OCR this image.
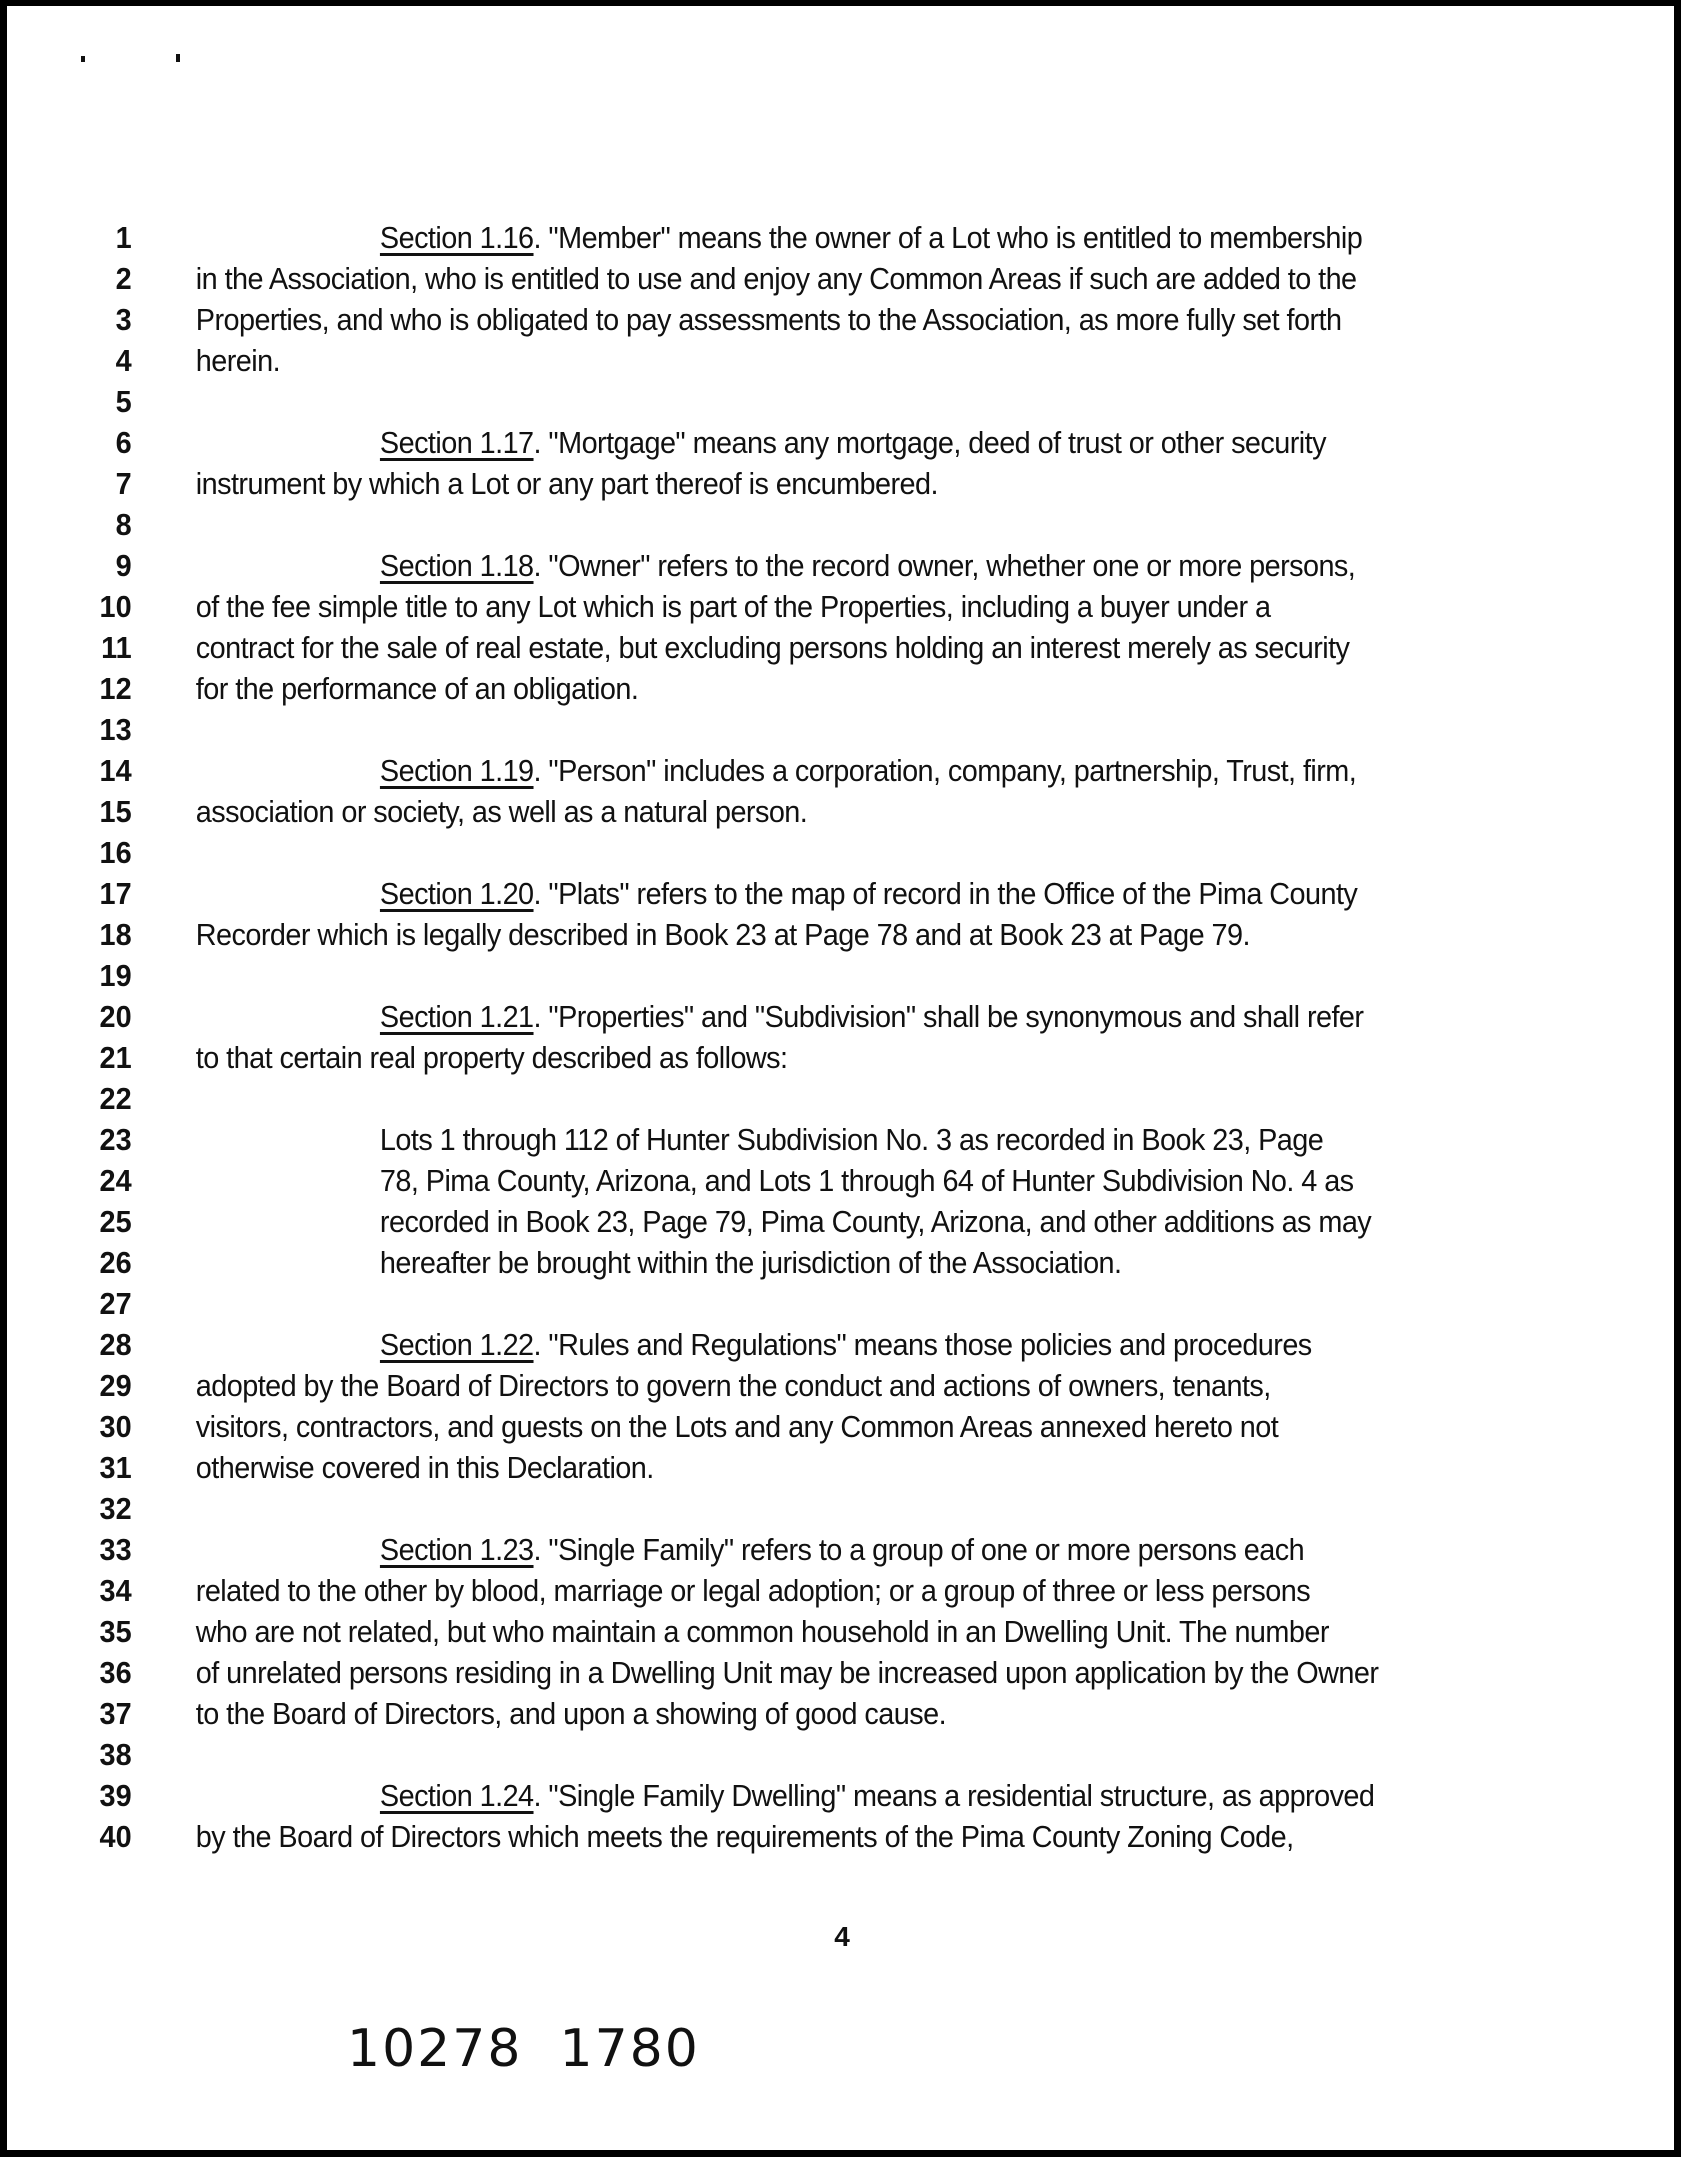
1	Section 1.16. "Member" means the owner of a Lot who is entitled to membership
2 in the Association, who is entitled to use and enjoy any Common Areas if such are added to the
3 Properties, and who is obligated to pay assessments to the Association, as more fully set forth
4 herein.
5
6	Section 1.17. "Mortgage" means any mortgage, deed of trust or other security
7 instrument by which a Lot or any part thereof is encumbered.
8
9	Section 1.18. "Owner" refers to the record owner, whether one or more persons,
10 of the fee simple title to any Lot which is part of the Properties, including a buyer under a
11 contract for the sale of real estate, but excluding persons holding an interest merely as security
12 for the performance of an obligation.
13
14	Section 1.19. "Person" includes a corporation, company, partnership, Trust, firm,
15 association or society, as well as a natural person.
16
17	Section 1.20. "Plats" refers to the map of record in the Office of the Pima County
18 Recorder which is legally described in Book 23 at Page 78 and at Book 23 at Page 79.
19
20	Section 1.21. "Properties" and "Subdivision" shall be synonymous and shall refer
21 to that certain real property described as follows:
22
23	Lots 1 through 112 of Hunter Subdivision No. 3 as recorded in Book 23, Page
24	78, Pima County, Arizona, and Lots 1 through 64 of Hunter Subdivision No. 4 as
25	recorded in Book 23, Page 79, Pima County, Arizona, and other additions as may
26	hereafter be brought within the jurisdiction of the Association.
27
28	Section 1.22. "Rules and Regulations" means those policies and procedures
29 adopted by the Board of Directors to govern the conduct and actions of owners, tenants,
30 visitors, contractors, and guests on the Lots and any Common Areas annexed hereto not
31 otherwise covered in this Declaration.
32
33	Section 1.23. "Single Family" refers to a group of one or more persons each
34 related to the other by blood, marriage or legal adoption; or a group of three or less persons
35 who are not related, but who maintain a common household in an Dwelling Unit. The number
36 of unrelated persons residing in a Dwelling Unit may be increased upon application by the Owner
37 to the Board of Directors, and upon a showing of good cause.
38
39	Section 1.24. "Single Family Dwelling" means a residential structure, as approved
40 by the Board of Directors which meets the requirements of the Pima County Zoning Code,
4
10278  1780
